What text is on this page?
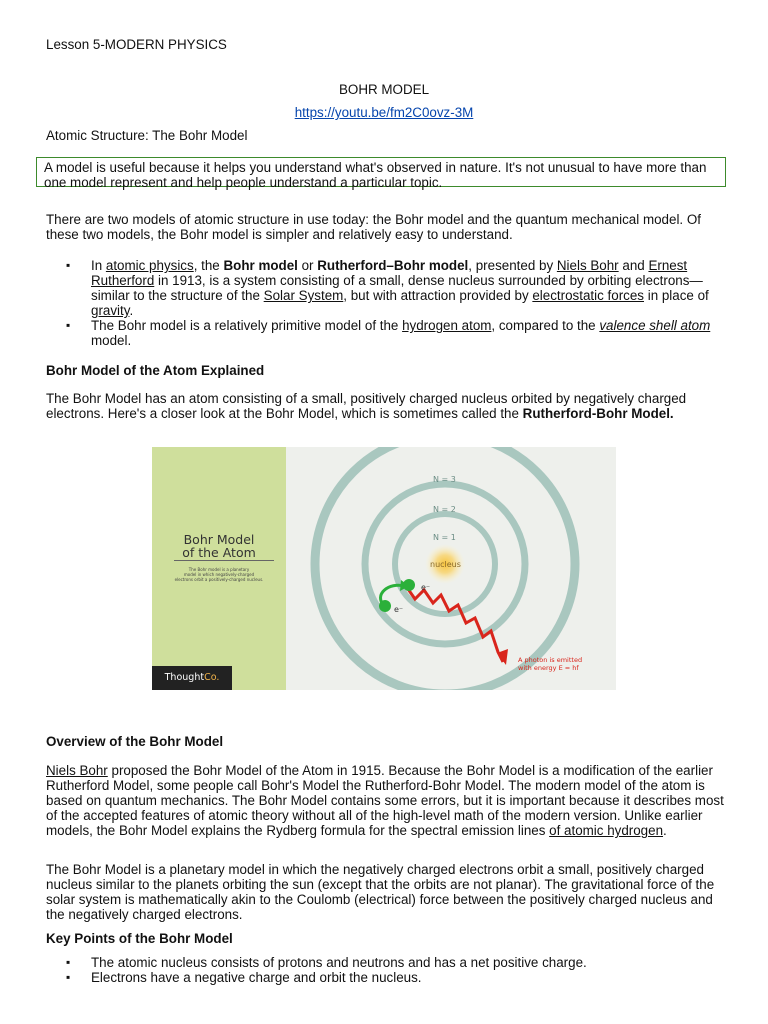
Lesson 5-MODERN PHYSICS
BOHR MODEL
https://youtu.be/fm2C0ovz-3M
Atomic Structure: The Bohr Model
A model is useful because it helps you understand what's observed in nature. It's not unusual to have more than one model represent and help people understand a particular topic.
There are two models of atomic structure in use today: the Bohr model and the quantum mechanical model. Of these two models, the Bohr model is simpler and relatively easy to understand.
▪ In atomic physics, the Bohr model or Rutherford–Bohr model, presented by Niels Bohr and Ernest Rutherford in 1913, is a system consisting of a small, dense nucleus surrounded by orbiting electrons—similar to the structure of the Solar System, but with attraction provided by electrostatic forces in place of gravity.
▪ The Bohr model is a relatively primitive model of the hydrogen atom, compared to the valence shell atom model.
Bohr Model of the Atom Explained
The Bohr Model has an atom consisting of a small, positively charged nucleus orbited by negatively charged electrons. Here's a closer look at the Bohr Model, which is sometimes called the Rutherford-Bohr Model.
Bohr Model
of the Atom
The Bohr model is a planetary
model in which negatively-charged
electrons orbit a positively-charged nucleus.
ThoughtCo.
N = 3
N = 2
N = 1
nucleus
e⁻
e⁻
A photon is emitted
with energy E = hf
Overview of the Bohr Model
Niels Bohr proposed the Bohr Model of the Atom in 1915. Because the Bohr Model is a modification of the earlier Rutherford Model, some people call Bohr's Model the Rutherford-Bohr Model. The modern model of the atom is based on quantum mechanics. The Bohr Model contains some errors, but it is important because it describes most of the accepted features of atomic theory without all of the high-level math of the modern version. Unlike earlier models, the Bohr Model explains the Rydberg formula for the spectral emission lines of atomic hydrogen.
The Bohr Model is a planetary model in which the negatively charged electrons orbit a small, positively charged nucleus similar to the planets orbiting the sun (except that the orbits are not planar). The gravitational force of the solar system is mathematically akin to the Coulomb (electrical) force between the positively charged nucleus and the negatively charged electrons.
Key Points of the Bohr Model
▪ The atomic nucleus consists of protons and neutrons and has a net positive charge.
▪ Electrons have a negative charge and orbit the nucleus.
